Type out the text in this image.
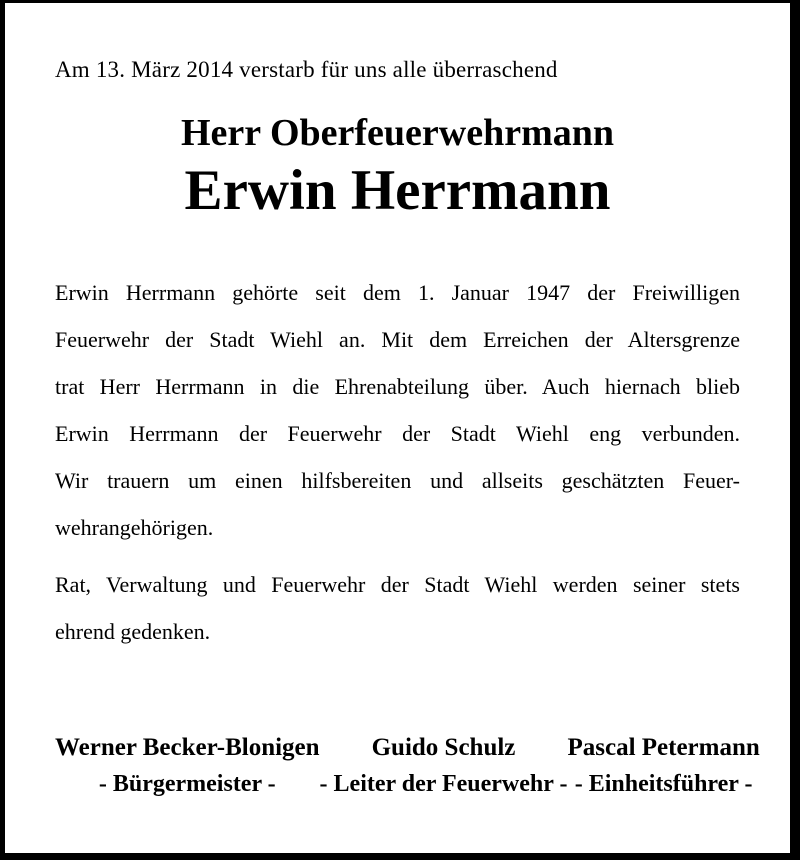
Am 13. März 2014 verstarb für uns alle überraschend

Herr Oberfeuerwehrmann
Erwin Herrmann
Erwin Herrmann gehörte seit dem 1. Januar 1947 der Freiwilligen
Feuerwehr der Stadt Wiehl an. Mit dem Erreichen der Altersgrenze
trat Herr Herrmann in die Ehrenabteilung über. Auch hiernach blieb
Erwin Herrmann der Feuerwehr der Stadt Wiehl eng verbunden.
Wir trauern um einen hilfsbereiten und allseits geschätzten Feuer-
wehrangehörigen.
Rat, Verwaltung und Feuerwehr der Stadt Wiehl werden seiner stets
ehrend gedenken.
Werner Becker-Blonigen
- Bürgermeister -
Guido Schulz
- Leiter der Feuerwehr -
Pascal Petermann
- Einheitsführer -
